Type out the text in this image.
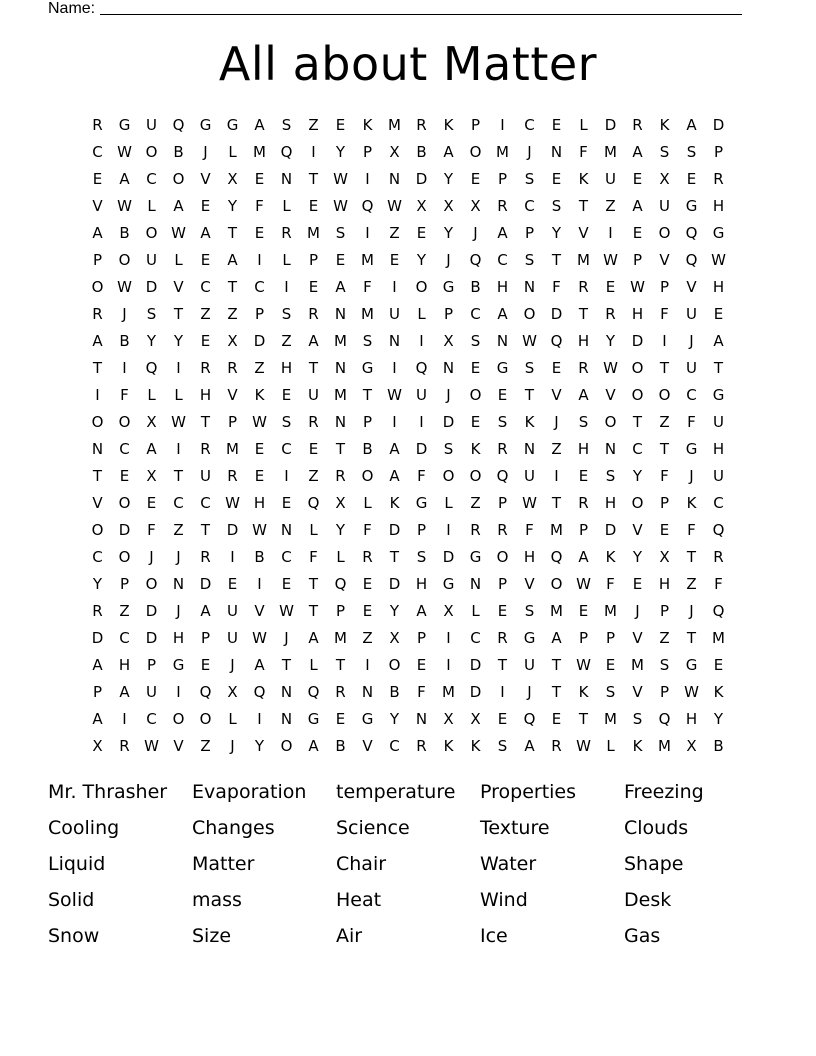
Name:
All about Matter
R	G	U	Q	G	G	A	S	Z	E	K	M	R	K	P	I	C	E	L	D	R	K	A	D
C W O	B	J	L	M Q	I	Y	P	X	B	A	O M	J	N	F	M	A	S	S	P
E	A	C	O	V	X	E	N	T	W	I	N	D	Y	E	P	S	E	K	U	E	X	E	R
V W	L	A	E	Y	F	L	E W Q W X	X	X	R	C	S	T	Z	A	U	G	H
A	B	O W A	T	E	R	M	S	I	Z	E	Y	J	A	P	Y	V	I	E	O	Q	G
P	O	U	L	E	A	I	L	P	E	M	E	Y	J	Q	C	S	T	M W	P	V	Q W
O W D	V	C	T	C	I	E	A	F	I	O	G	B	H	N	F	R	E W	P	V	H
R	J	S	T	Z	Z	P	S	R	N M	U	L	P	C	A	O	D	T	R	H	F	U	E
A	B	Y	Y	E	X	D	Z	A	M	S	N	I	X	S	N W Q	H	Y	D	I	J	A
T	I	Q	I	R	R	Z	H	T	N	G	I	Q	N	E	G	S	E	R W O	T	U	T
I	F	L	L	H	V	K	E	U	M	T	W U	J	O	E	T	V	A	V	O	O	C	G
O	O	X W T	P	W S	R	N	P	I	I	D	E	S	K	J	S	O	T	Z	F	U
N	C	A	I	R	M	E	C	E	T	B	A	D	S	K	R	N	Z	H	N	C	T	G	H
T	E	X	T	U	R	E	I	Z	R	O	A	F	O	O	Q	U	I	E	S	Y	F	J	U
V	O	E	C	C W H	E	Q	X	L	K	G	L	Z	P	W T	R	H	O	P	K	C
O	D	F	Z	T	D W N	L	Y	F	D	P	I	R	R	F	M	P	D	V	E	F	Q
C	O	J	J	R	I	B	C	F	L	R	T	S	D	G	O	H	Q	A	K	Y	X	T	R
Y	P	O	N	D	E	I	E	T	Q	E	D	H	G	N	P	V	O W	F	E	H	Z	F
R	Z	D	J	A	U	V W T	P	E	Y	A	X	L	E	S	M	E	M	J	P	J	Q
D	C	D	H	P	U W	J	A	M	Z	X	P	I	C	R	G	A	P	P	V	Z	T	M
A	H	P	G	E	J	A	T	L	T	I	O	E	I	D	T	U	T	W E	M	S	G	E
P	A	U	I	Q	X	Q	N	Q	R	N	B	F	M D	I	J	T	K	S	V	P	W K
A	I	C	O	O	L	I	N	G	E	G	Y	N	X	X	E	Q	E	T	M	S	Q	H	Y
X	R W V	Z	J	Y	O	A	B	V	C	R	K	K	S	A	R W	L	K	M	X	B
Mr. Thrasher	Evaporation	temperature	Properties	Freezing
Cooling	Changes	Science	Texture	Clouds
Liquid	Matter	Chair	Water	Shape
Solid	mass	Heat	Wind	Desk
Snow	Size	Air	Ice	Gas
